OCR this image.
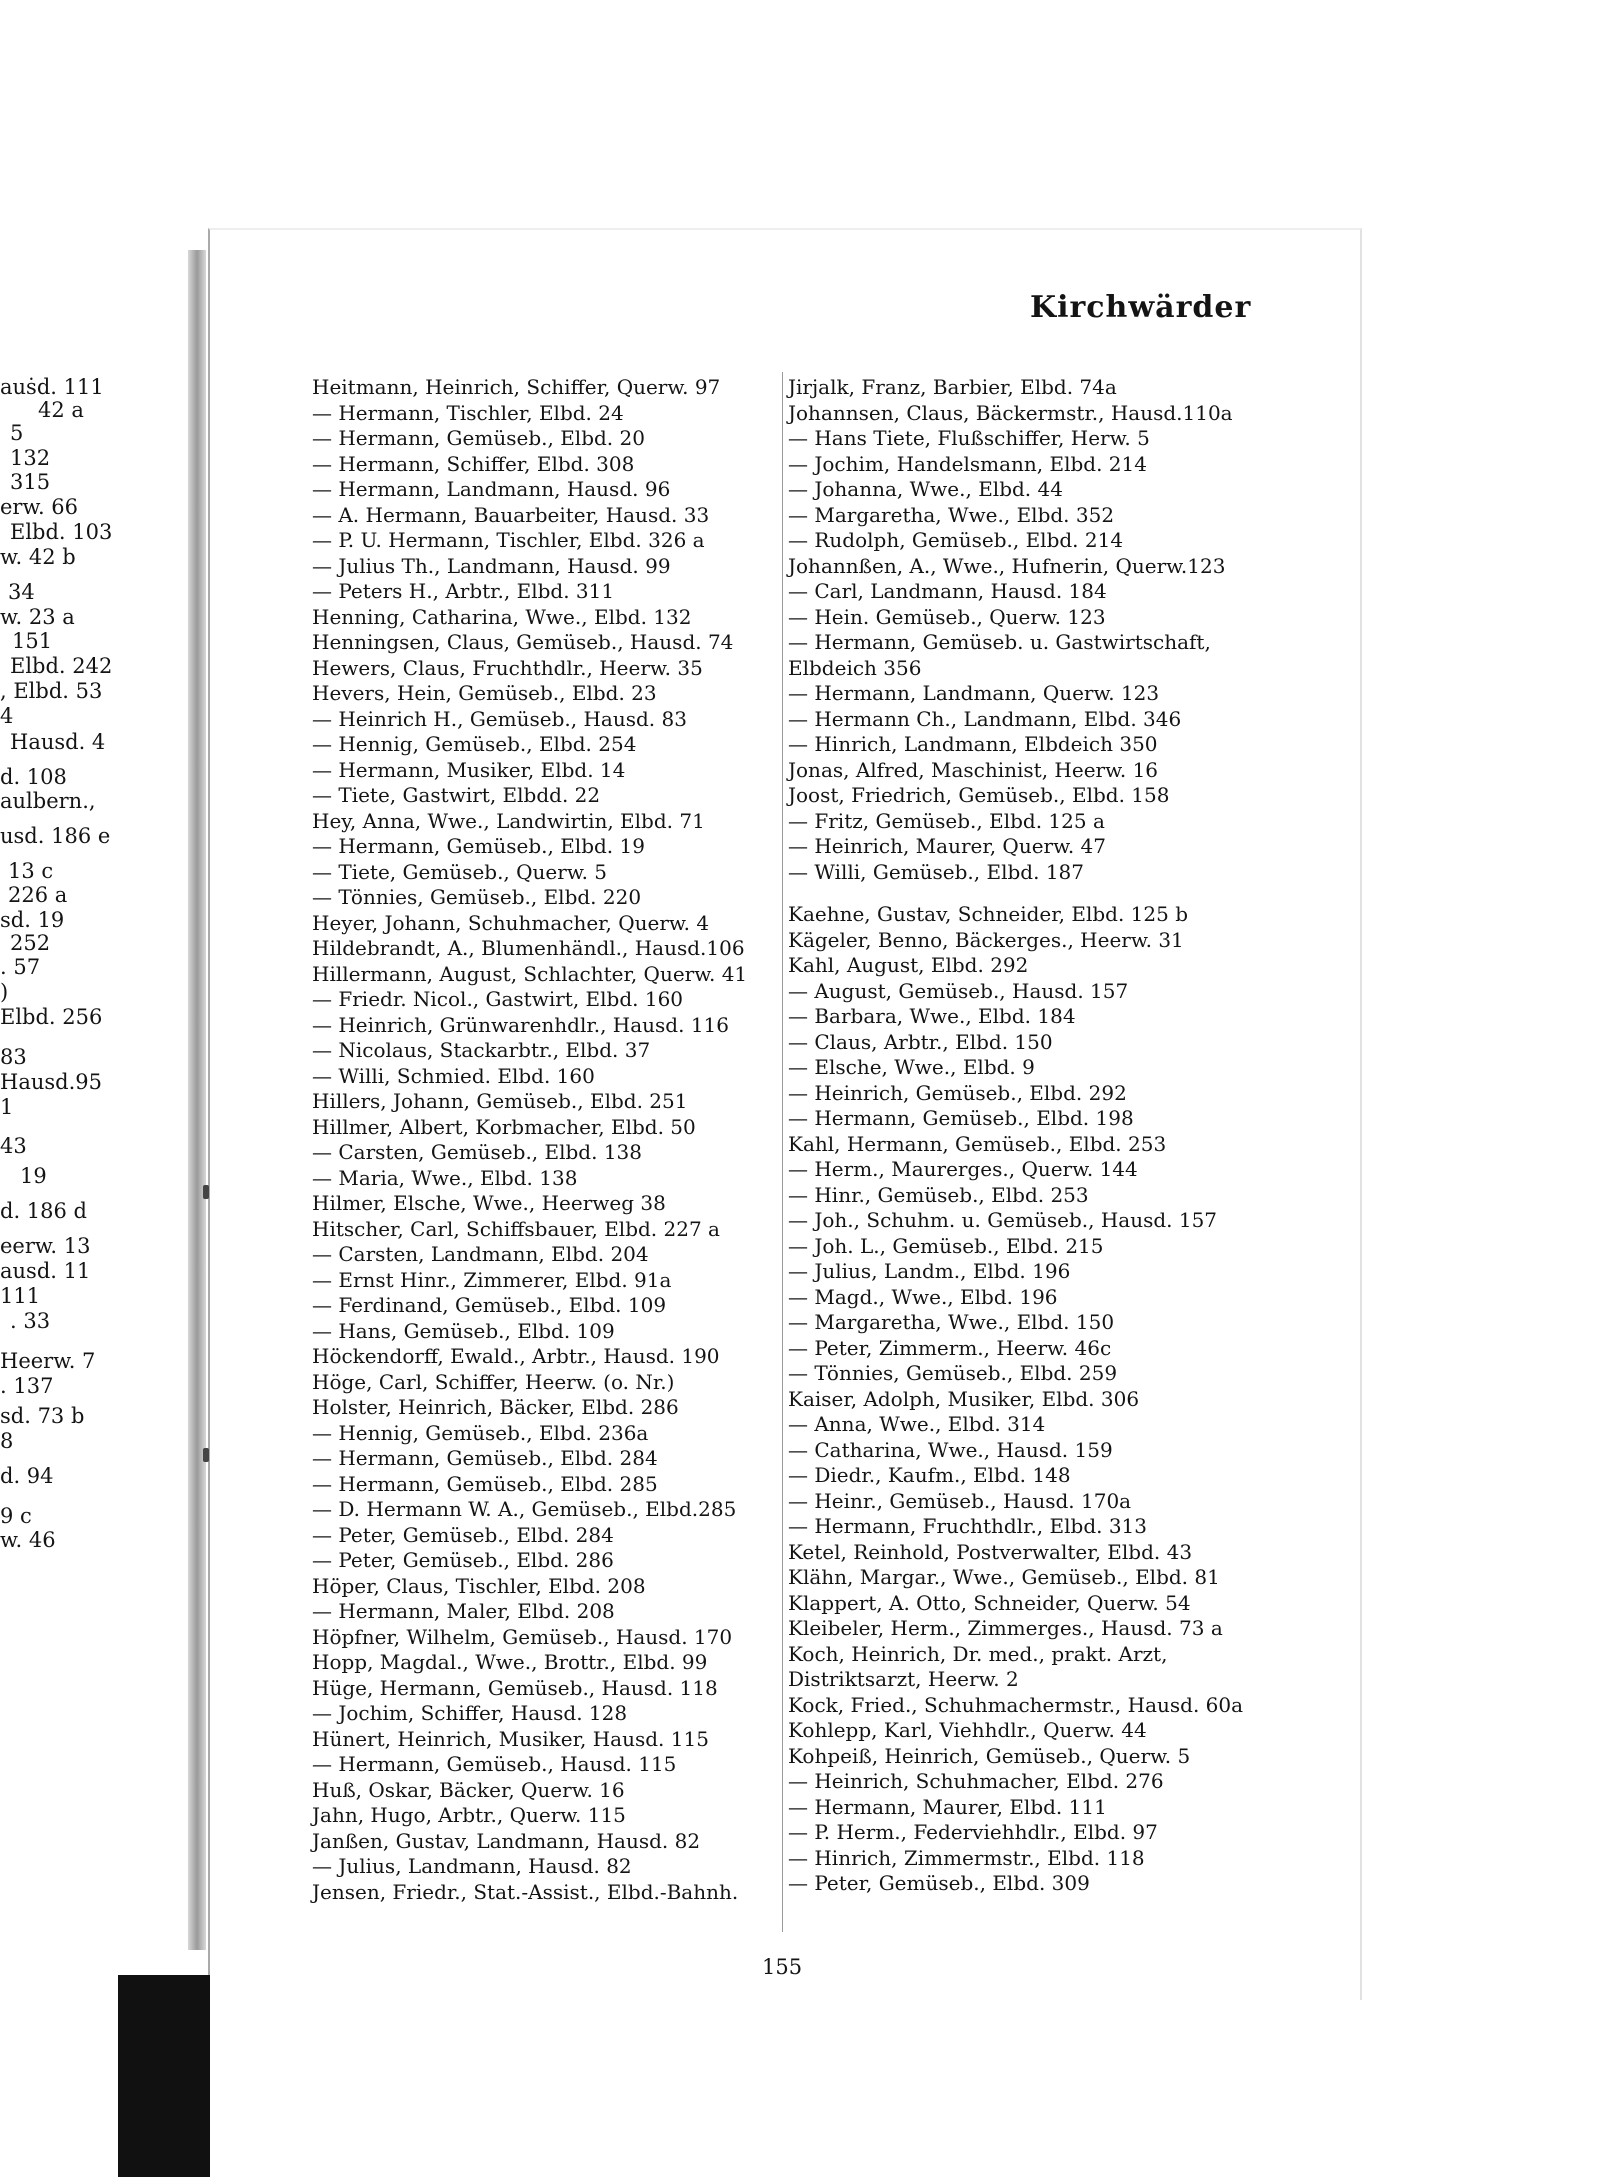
auṡd. 111
42 a
5
132
315
erw. 66
Elbd. 103
w. 42 b
34
w. 23 a
151
Elbd. 242
, Elbd. 53
4
Hausd. 4
d. 108
aulbern.,
usd. 186 e
13 c
226 a
sd. 19
252
. 57
)
Elbd. 256
83
Hausd.95
1
43
19
d. 186 d
eerw. 13
ausd. 11
111
. 33
Heerw. 7
. 137
sd. 73 b
8
d. 94
9 c
w. 46
Kirchwärder
Heitmann, Heinrich, Schiffer, Querw. 97
— Hermann, Tischler, Elbd. 24
— Hermann, Gemüseb., Elbd. 20
— Hermann, Schiffer, Elbd. 308
— Hermann, Landmann, Hausd. 96
— A. Hermann, Bauarbeiter, Hausd. 33
— P. U. Hermann, Tischler, Elbd. 326 a
— Julius Th., Landmann, Hausd. 99
— Peters H., Arbtr., Elbd. 311
Henning, Catharina, Wwe., Elbd. 132
Henningsen, Claus, Gemüseb., Hausd. 74
Hewers, Claus, Fruchthdlr., Heerw. 35
Hevers, Hein, Gemüseb., Elbd. 23
— Heinrich H., Gemüseb., Hausd. 83
— Hennig, Gemüseb., Elbd. 254
— Hermann, Musiker, Elbd. 14
— Tiete, Gastwirt, Elbdd. 22
Hey, Anna, Wwe., Landwirtin, Elbd. 71
— Hermann, Gemüseb., Elbd. 19
— Tiete, Gemüseb., Querw. 5
— Tönnies, Gemüseb., Elbd. 220
Heyer, Johann, Schuhmacher, Querw. 4
Hildebrandt, A., Blumenhändl., Hausd.106
Hillermann, August, Schlachter, Querw. 41
— Friedr. Nicol., Gastwirt, Elbd. 160
— Heinrich, Grünwarenhdlr., Hausd. 116
— Nicolaus, Stackarbtr., Elbd. 37
— Willi, Schmied. Elbd. 160
Hillers, Johann, Gemüseb., Elbd. 251
Hillmer, Albert, Korbmacher, Elbd. 50
— Carsten, Gemüseb., Elbd. 138
— Maria, Wwe., Elbd. 138
Hilmer, Elsche, Wwe., Heerweg 38
Hitscher, Carl, Schiffsbauer, Elbd. 227 a
— Carsten, Landmann, Elbd. 204
— Ernst Hinr., Zimmerer, Elbd. 91a
— Ferdinand, Gemüseb., Elbd. 109
— Hans, Gemüseb., Elbd. 109
Höckendorff, Ewald., Arbtr., Hausd. 190
Höge, Carl, Schiffer, Heerw. (o. Nr.)
Holster, Heinrich, Bäcker, Elbd. 286
— Hennig, Gemüseb., Elbd. 236a
— Hermann, Gemüseb., Elbd. 284
— Hermann, Gemüseb., Elbd. 285
— D. Hermann W. A., Gemüseb., Elbd.285
— Peter, Gemüseb., Elbd. 284
— Peter, Gemüseb., Elbd. 286
Höper, Claus, Tischler, Elbd. 208
— Hermann, Maler, Elbd. 208
Höpfner, Wilhelm, Gemüseb., Hausd. 170
Hopp, Magdal., Wwe., Brottr., Elbd. 99
Hüge, Hermann, Gemüseb., Hausd. 118
— Jochim, Schiffer, Hausd. 128
Hünert, Heinrich, Musiker, Hausd. 115
— Hermann, Gemüseb., Hausd. 115
Huß, Oskar, Bäcker, Querw. 16
Jahn, Hugo, Arbtr., Querw. 115
Janßen, Gustav, Landmann, Hausd. 82
— Julius, Landmann, Hausd. 82
Jensen, Friedr., Stat.-Assist., Elbd.-Bahnh.
Jirjalk, Franz, Barbier, Elbd. 74a
Johannsen, Claus, Bäckermstr., Hausd.110a
— Hans Tiete, Flußschiffer, Herw. 5
— Jochim, Handelsmann, Elbd. 214
— Johanna, Wwe., Elbd. 44
— Margaretha, Wwe., Elbd. 352
— Rudolph, Gemüseb., Elbd. 214
Johannßen, A., Wwe., Hufnerin, Querw.123
— Carl, Landmann, Hausd. 184
— Hein. Gemüseb., Querw. 123
— Hermann, Gemüseb. u. Gastwirtschaft,
Elbdeich 356
— Hermann, Landmann, Querw. 123
— Hermann Ch., Landmann, Elbd. 346
— Hinrich, Landmann, Elbdeich 350
Jonas, Alfred, Maschinist, Heerw. 16
Joost, Friedrich, Gemüseb., Elbd. 158
— Fritz, Gemüseb., Elbd. 125 a
— Heinrich, Maurer, Querw. 47
— Willi, Gemüseb., Elbd. 187
Kaehne, Gustav, Schneider, Elbd. 125 b
Kägeler, Benno, Bäckerges., Heerw. 31
Kahl, August, Elbd. 292
— August, Gemüseb., Hausd. 157
— Barbara, Wwe., Elbd. 184
— Claus, Arbtr., Elbd. 150
— Elsche, Wwe., Elbd. 9
— Heinrich, Gemüseb., Elbd. 292
— Hermann, Gemüseb., Elbd. 198
Kahl, Hermann, Gemüseb., Elbd. 253
— Herm., Maurerges., Querw. 144
— Hinr., Gemüseb., Elbd. 253
— Joh., Schuhm. u. Gemüseb., Hausd. 157
— Joh. L., Gemüseb., Elbd. 215
— Julius, Landm., Elbd. 196
— Magd., Wwe., Elbd. 196
— Margaretha, Wwe., Elbd. 150
— Peter, Zimmerm., Heerw. 46c
— Tönnies, Gemüseb., Elbd. 259
Kaiser, Adolph, Musiker, Elbd. 306
— Anna, Wwe., Elbd. 314
— Catharina, Wwe., Hausd. 159
— Diedr., Kaufm., Elbd. 148
— Heinr., Gemüseb., Hausd. 170a
— Hermann, Fruchthdlr., Elbd. 313
Ketel, Reinhold, Postverwalter, Elbd. 43
Klähn, Margar., Wwe., Gemüseb., Elbd. 81
Klappert, A. Otto, Schneider, Querw. 54
Kleibeler, Herm., Zimmerges., Hausd. 73 a
Koch, Heinrich, Dr. med., prakt. Arzt,
Distriktsarzt, Heerw. 2
Kock, Fried., Schuhmachermstr., Hausd. 60a
Kohlepp, Karl, Viehhdlr., Querw. 44
Kohpeiß, Heinrich, Gemüseb., Querw. 5
— Heinrich, Schuhmacher, Elbd. 276
— Hermann, Maurer, Elbd. 111
— P. Herm., Federviehhdlr., Elbd. 97
— Hinrich, Zimmermstr., Elbd. 118
— Peter, Gemüseb., Elbd. 309
155
